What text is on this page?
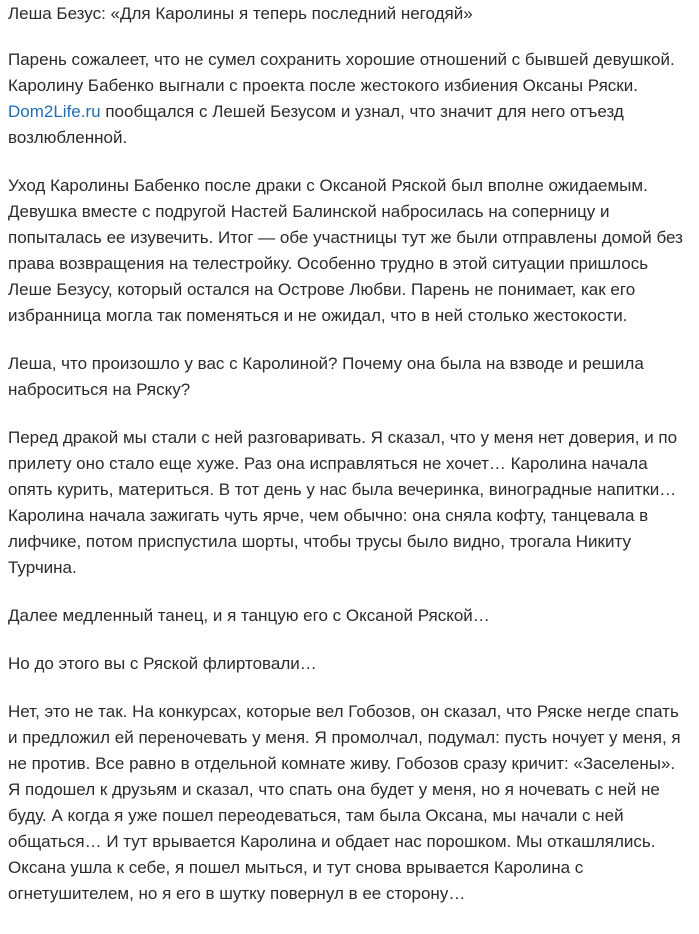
Леша Безус: «Для Каролины я теперь последний негодяй»

Парень сожалеет, что не сумел сохранить хорошие отношений с бывшей девушкой. Каролину Бабенко выгнали с проекта после жестокого избиения Оксаны Ряски. Dom2Life.ru пообщался с Лешей Безусом и узнал, что значит для него отъезд возлюбленной.

Уход Каролины Бабенко после драки с Оксаной Ряской был вполне ожидаемым. Девушка вместе с подругой Настей Балинской набросилась на соперницу и попыталась ее изувечить. Итог — обе участницы тут же были отправлены домой без права возвращения на телестройку. Особенно трудно в этой ситуации пришлось Леше Безусу, который остался на Острове Любви. Парень не понимает, как его избранница могла так поменяться и не ожидал, что в ней столько жестокости.

Леша, что произошло у вас с Каролиной? Почему она была на взводе и решила наброситься на Ряску?

Перед дракой мы стали с ней разговаривать. Я сказал, что у меня нет доверия, и по прилету оно стало еще хуже. Раз она исправляться не хочет… Каролина начала опять курить, материться. В тот день у нас была вечеринка, виноградные напитки… Каролина начала зажигать чуть ярче, чем обычно: она сняла кофту, танцевала в лифчике, потом приспустила шорты, чтобы трусы было видно, трогала Никиту Турчина.

Далее медленный танец, и я танцую его с Оксаной Ряской…

Но до этого вы с Ряской флиртовали…

Нет, это не так. На конкурсах, которые вел Гобозов, он сказал, что Ряске негде спать и предложил ей переночевать у меня. Я промолчал, подумал: пусть ночует у меня, я не против. Все равно в отдельной комнате живу. Гобозов сразу кричит: «Заселены». Я подошел к друзьям и сказал, что спать она будет у меня, но я ночевать с ней не буду. А когда я уже пошел переодеваться, там была Оксана, мы начали с ней общаться… И тут врывается Каролина и обдает нас порошком. Мы откашлялись. Оксана ушла к себе, я пошел мыться, и тут снова врывается Каролина с огнетушителем, но я его в шутку повернул в ее сторону…
